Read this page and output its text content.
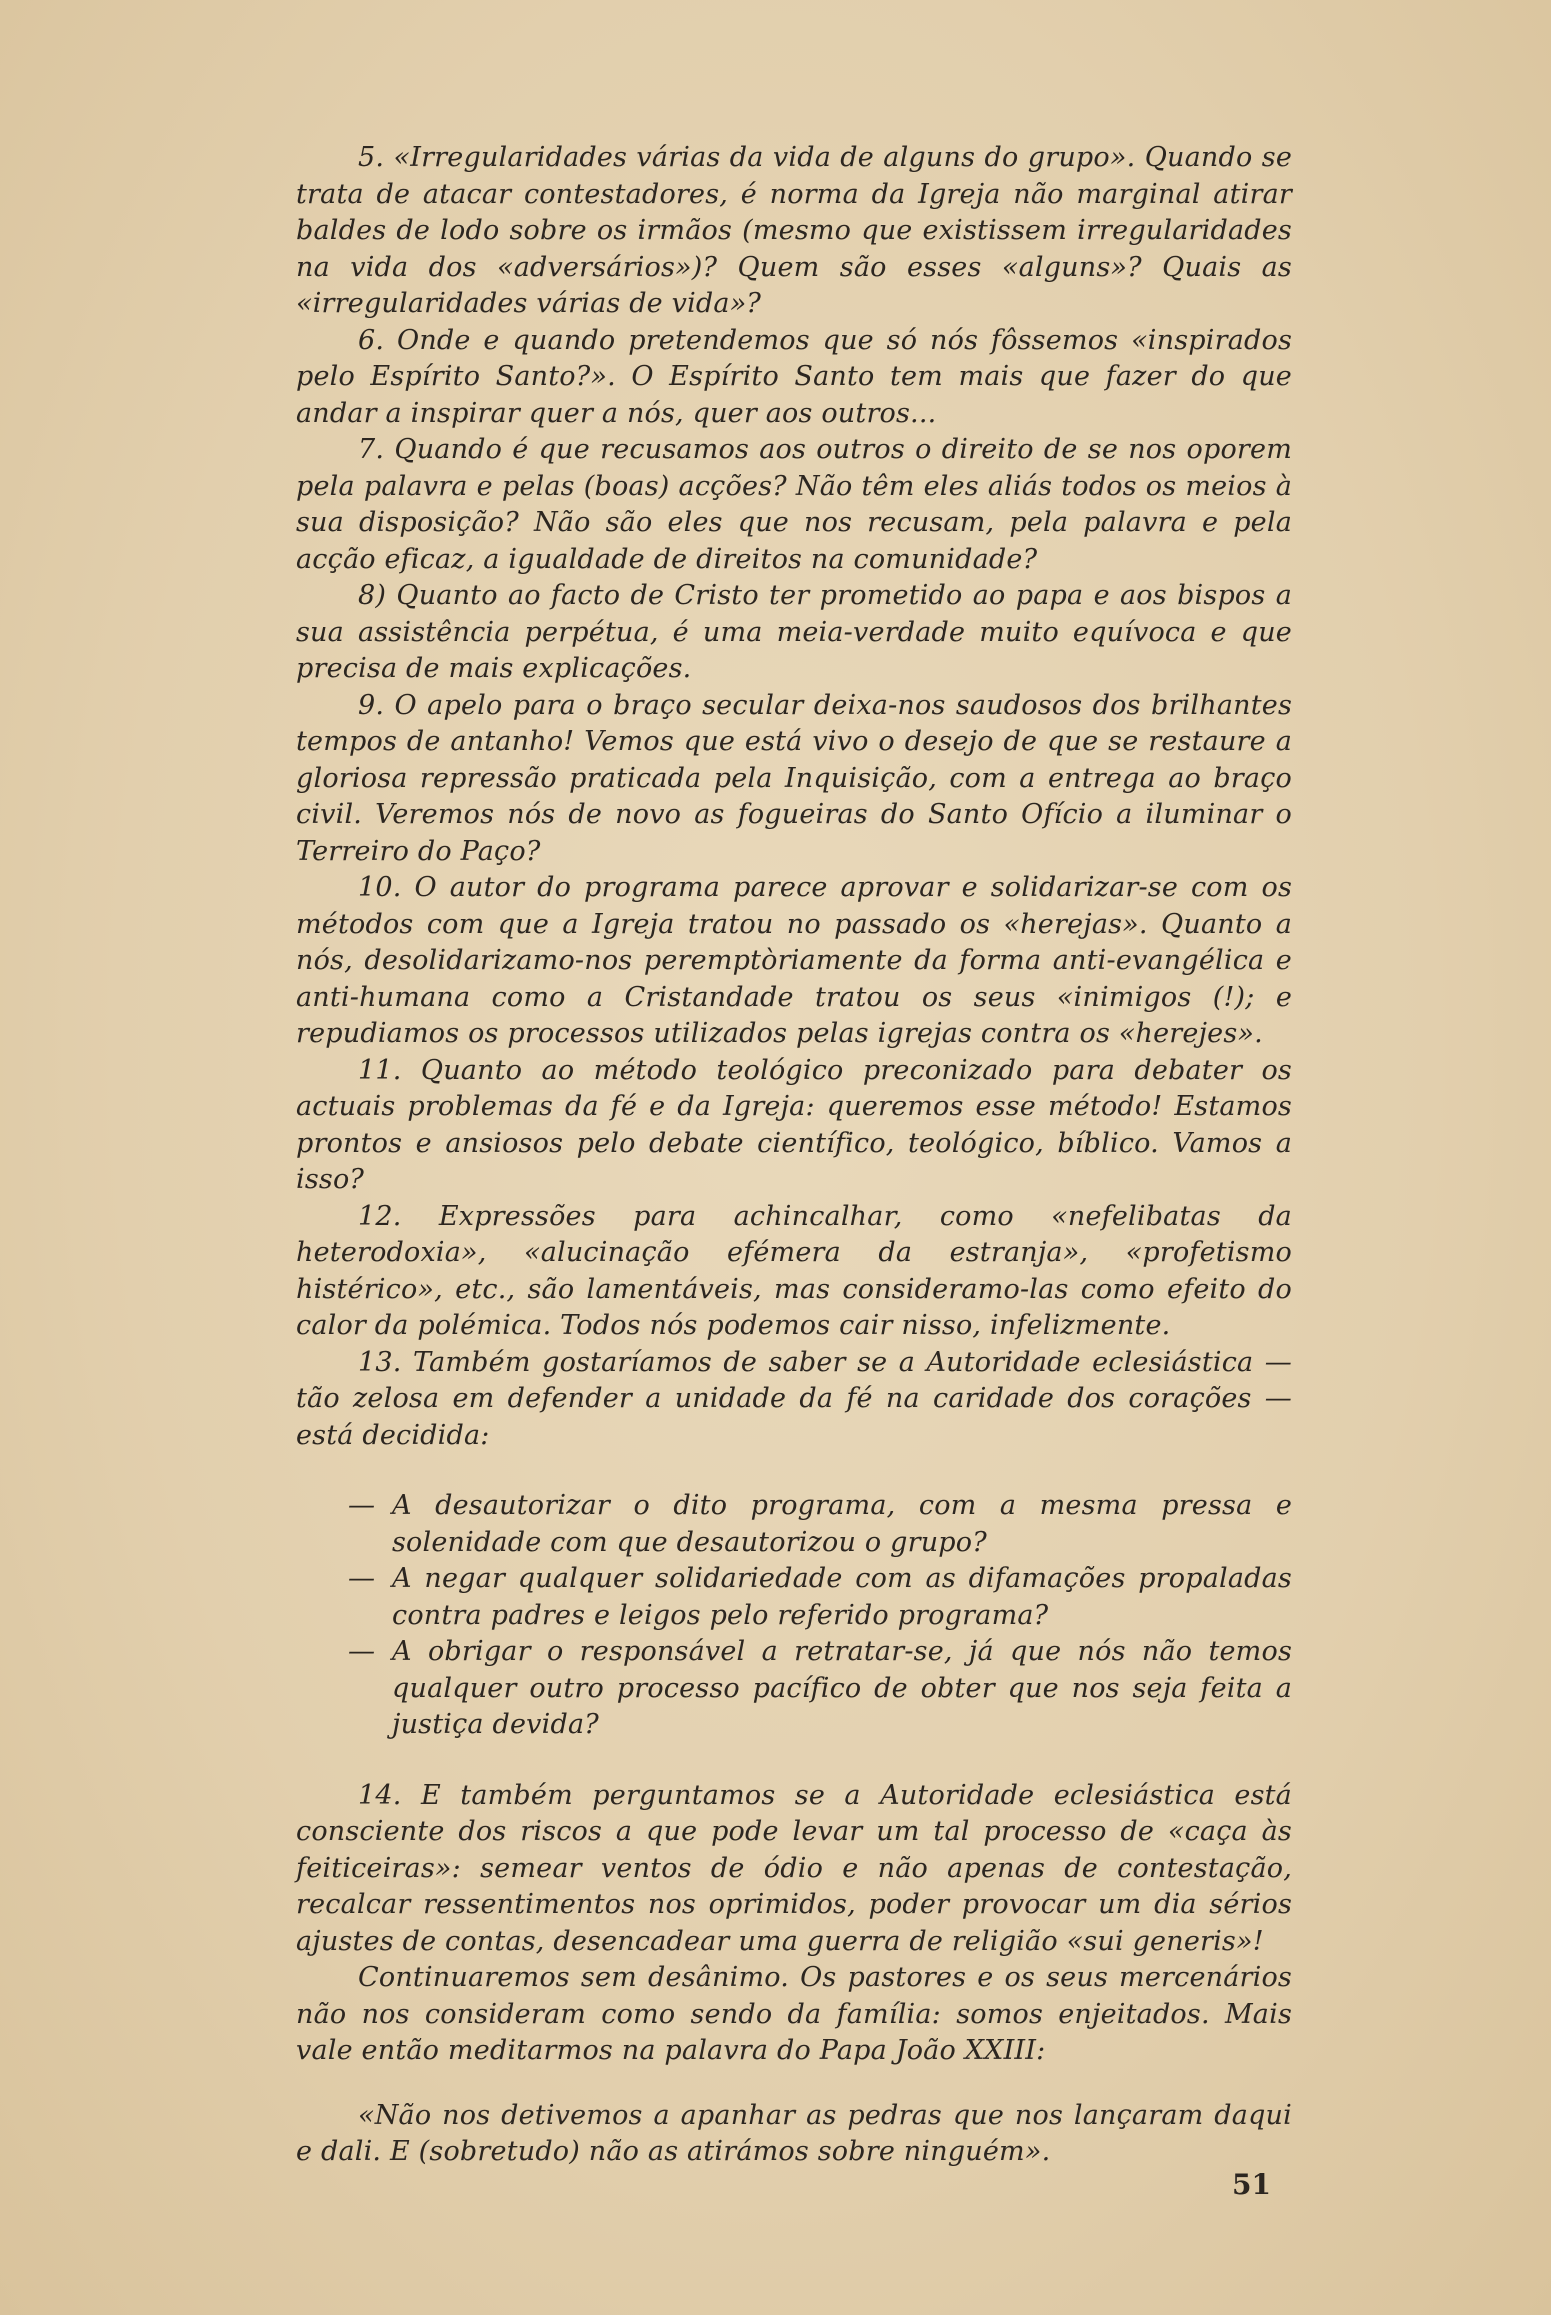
5. «Irregularidades várias da vida de alguns do grupo». Quando se trata de atacar contestadores, é norma da Igreja não marginal atirar baldes de lodo sobre os irmãos (mesmo que existissem irregularidades na vida dos «adversários»)? Quem são esses «alguns»? Quais as «irregularidades várias de vida»?

6. Onde e quando pretendemos que só nós fôssemos «inspirados pelo Espírito Santo?». O Espírito Santo tem mais que fazer do que andar a inspirar quer a nós, quer aos outros...

7. Quando é que recusamos aos outros o direito de se nos oporem pela palavra e pelas (boas) acções? Não têm eles aliás todos os meios à sua disposição? Não são eles que nos recusam, pela palavra e pela acção eficaz, a igualdade de direitos na comunidade?

8) Quanto ao facto de Cristo ter prometido ao papa e aos bispos a sua assistência perpétua, é uma meia-verdade muito equívoca e que precisa de mais explicações.

9. O apelo para o braço secular deixa-nos saudosos dos brilhantes tempos de antanho! Vemos que está vivo o desejo de que se restaure a gloriosa repressão praticada pela Inquisição, com a entrega ao braço civil. Veremos nós de novo as fogueiras do Santo Ofício a iluminar o Terreiro do Paço?

10. O autor do programa parece aprovar e solidarizar-se com os métodos com que a Igreja tratou no passado os «herejas». Quanto a nós, desolidarizamo-nos peremptòriamente da forma anti-evangélica e anti-humana como a Cristandade tratou os seus «inimigos (!); e repudiamos os processos utilizados pelas igrejas contra os «herejes».

11. Quanto ao método teológico preconizado para debater os actuais problemas da fé e da Igreja: queremos esse método! Estamos prontos e ansiosos pelo debate científico, teológico, bíblico. Vamos a isso?

12. Expressões para achincalhar, como «nefelibatas da heterodoxia», «alucinação efémera da estranja», «profetismo histérico», etc., são lamentáveis, mas consideramo-las como efeito do calor da polémica. Todos nós podemos cair nisso, infelizmente.

13. Também gostaríamos de saber se a Autoridade eclesiástica — tão zelosa em defender a unidade da fé na caridade dos corações — está decidida:

— A desautorizar o dito programa, com a mesma pressa e solenidade com que desautorizou o grupo?
— A negar qualquer solidariedade com as difamações propaladas contra padres e leigos pelo referido programa?
— A obrigar o responsável a retratar-se, já que nós não temos qualquer outro processo pacífico de obter que nos seja feita a justiça devida?

14. E também perguntamos se a Autoridade eclesiástica está consciente dos riscos a que pode levar um tal processo de «caça às feiticeiras»: semear ventos de ódio e não apenas de contestação, recalcar ressentimentos nos oprimidos, poder provocar um dia sérios ajustes de contas, desencadear uma guerra de religião «sui generis»!

Continuaremos sem desânimo. Os pastores e os seus mercenários não nos consideram como sendo da família: somos enjeitados. Mais vale então meditarmos na palavra do Papa João XXIII:

«Não nos detivemos a apanhar as pedras que nos lançaram daqui e dali. E (sobretudo) não as atirámos sobre ninguém».

51
